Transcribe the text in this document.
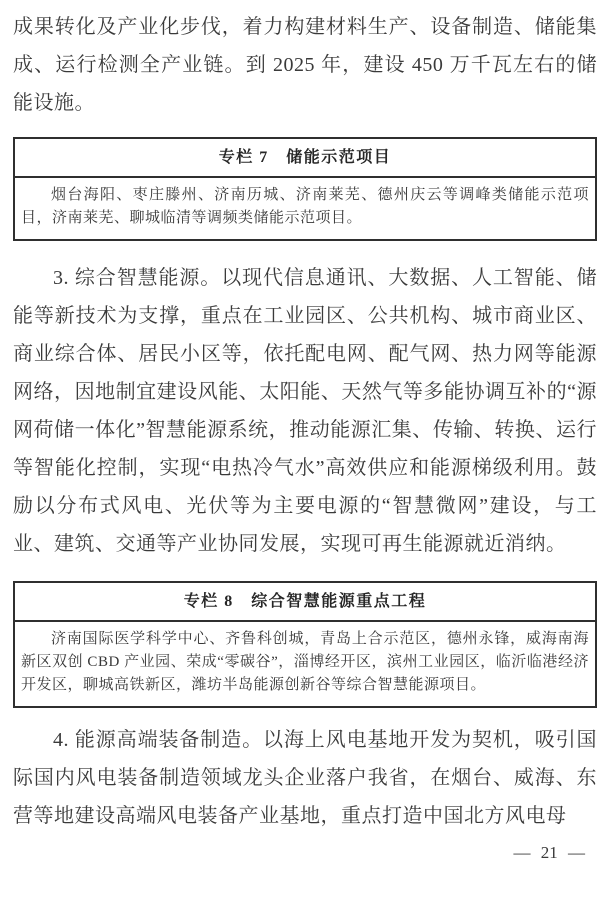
成果转化及产业化步伐，着力构建材料生产、设备制造、储能集成、运行检测全产业链。到 2025 年，建设 450 万千瓦左右的储能设施。

专栏 7　储能示范项目
烟台海阳、枣庄滕州、济南历城、济南莱芜、德州庆云等调峰类储能示范项目，济南莱芜、聊城临清等调频类储能示范项目。

3. 综合智慧能源。以现代信息通讯、大数据、人工智能、储能等新技术为支撑，重点在工业园区、公共机构、城市商业区、商业综合体、居民小区等，依托配电网、配气网、热力网等能源网络，因地制宜建设风能、太阳能、天然气等多能协调互补的“源网荷储一体化”智慧能源系统，推动能源汇集、传输、转换、运行等智能化控制，实现“电热冷气水”高效供应和能源梯级利用。鼓励以分布式风电、光伏等为主要电源的“智慧微网”建设，与工业、建筑、交通等产业协同发展，实现可再生能源就近消纳。

专栏 8　综合智慧能源重点工程
济南国际医学科学中心、齐鲁科创城，青岛上合示范区，德州永锋，威海南海新区双创 CBD 产业园、荣成“零碳谷”，淄博经开区，滨州工业园区，临沂临港经济开发区，聊城高铁新区，潍坊半岛能源创新谷等综合智慧能源项目。

4. 能源高端装备制造。以海上风电基地开发为契机，吸引国际国内风电装备制造领域龙头企业落户我省，在烟台、威海、东营等地建设高端风电装备产业基地，重点打造中国北方风电母

— 21 —
